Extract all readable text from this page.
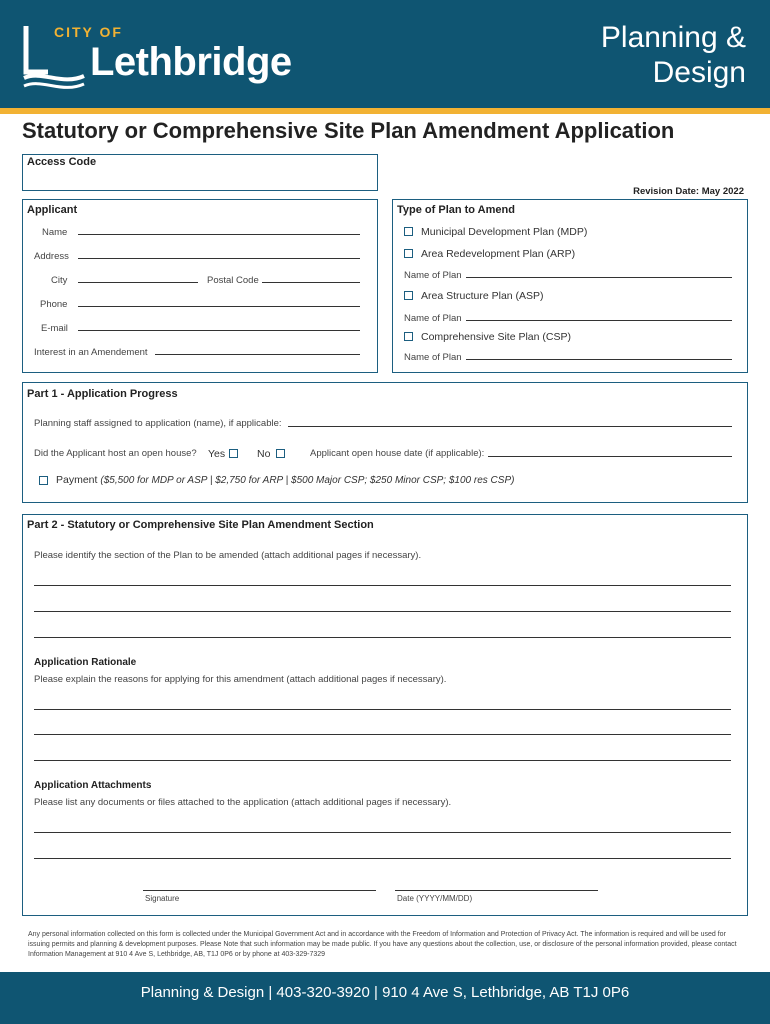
CITY OF
Lethbridge
Planning &
Design
Statutory or Comprehensive Site Plan Amendment Application
Access Code
Revision Date: May 2022
Applicant
Name
Address
City	Postal Code
Phone
E-mail
Interest in an Amendement
Type of Plan to Amend
Municipal Development Plan (MDP)
Area Redevelopment Plan (ARP)
Name of Plan
Area Structure Plan (ASP)
Name of Plan
Comprehensive Site Plan (CSP)
Name of Plan
Part 1 - Application Progress
Planning staff assigned to application (name), if applicable:
Did the Applicant host an open house? Yes	No	Applicant open house date (if applicable):
Payment ($5,500 for MDP or ASP | $2,750 for ARP | $500 Major CSP; $250 Minor CSP; $100 res CSP)
Part 2 - Statutory or Comprehensive Site Plan Amendment Section
Please identify the section of the Plan to be amended (attach additional pages if necessary).
Application Rationale
Please explain the reasons for applying for this amendment (attach additional pages if necessary).
Application Attachments
Please list any documents or files attached to the application (attach additional pages if necessary).
Signature	Date (YYYY/MM/DD)
Any personal information collected on this form is collected under the Municipal Government Act and in accordance with the Freedom of Information and Protection of Privacy Act. The information is required and will be used for issuing permits and planning & development purposes. Please Note that such information may be made public. If you have any questions about the collection, use, or disclosure of the personal information provided, please contact Information Management at 910 4 Ave S, Lethbridge, AB, T1J 0P6 or by phone at 403-329-7329
Planning & Design | 403-320-3920 | 910 4 Ave S, Lethbridge, AB T1J 0P6
